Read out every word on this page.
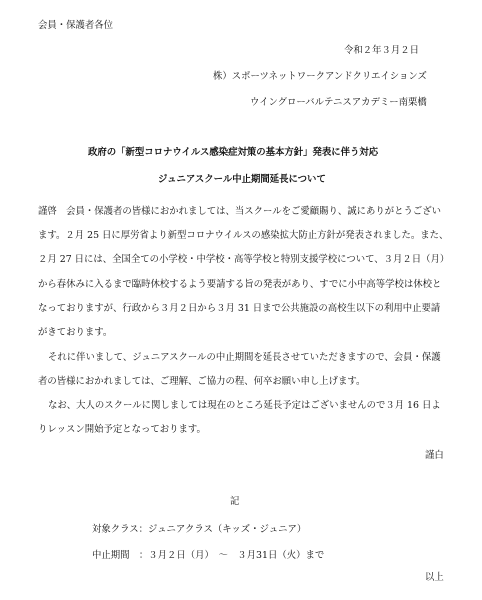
会員・保護者各位
令和２年３月２日
株）スポーツネットワークアンドクリエイションズ
ウイングローバルテニスアカデミー南栗橋
政府の「新型コロナウイルス感染症対策の基本方針」発表に伴う対応
ジュニアスクール中止期間延長について
謹啓　会員・保護者の皆様におかれましては、当スクールをご愛顧賜り、誠にありがとうござい
ます。２月 25 日に厚労省より新型コロナウイルスの感染拡大防止方針が発表されました。また、
２月 27 日には、全国全ての小学校・中学校・高等学校と特別支援学校について、３月２日（月）
から春休みに入るまで臨時休校するよう要請する旨の発表があり、すでに小中高等学校は休校と
なっておりますが、行政から３月２日から３月 31 日まで公共施設の高校生以下の利用中止要請
がきております。
それに伴いまして、ジュニアスクールの中止期間を延長させていただきますので、会員・保護
者の皆様におかれましては、ご理解、ご協力の程、何卒お願い申し上げます。
なお、大人のスクールに関しましては現在のところ延長予定はございませんので３月 16 日よ
りレッスン開始予定となっております。
謹白
記
対象クラス：ジュニアクラス（キッズ・ジュニア）
中止期間　：３月２日（月）　～　３月31日（火）まで
以上
